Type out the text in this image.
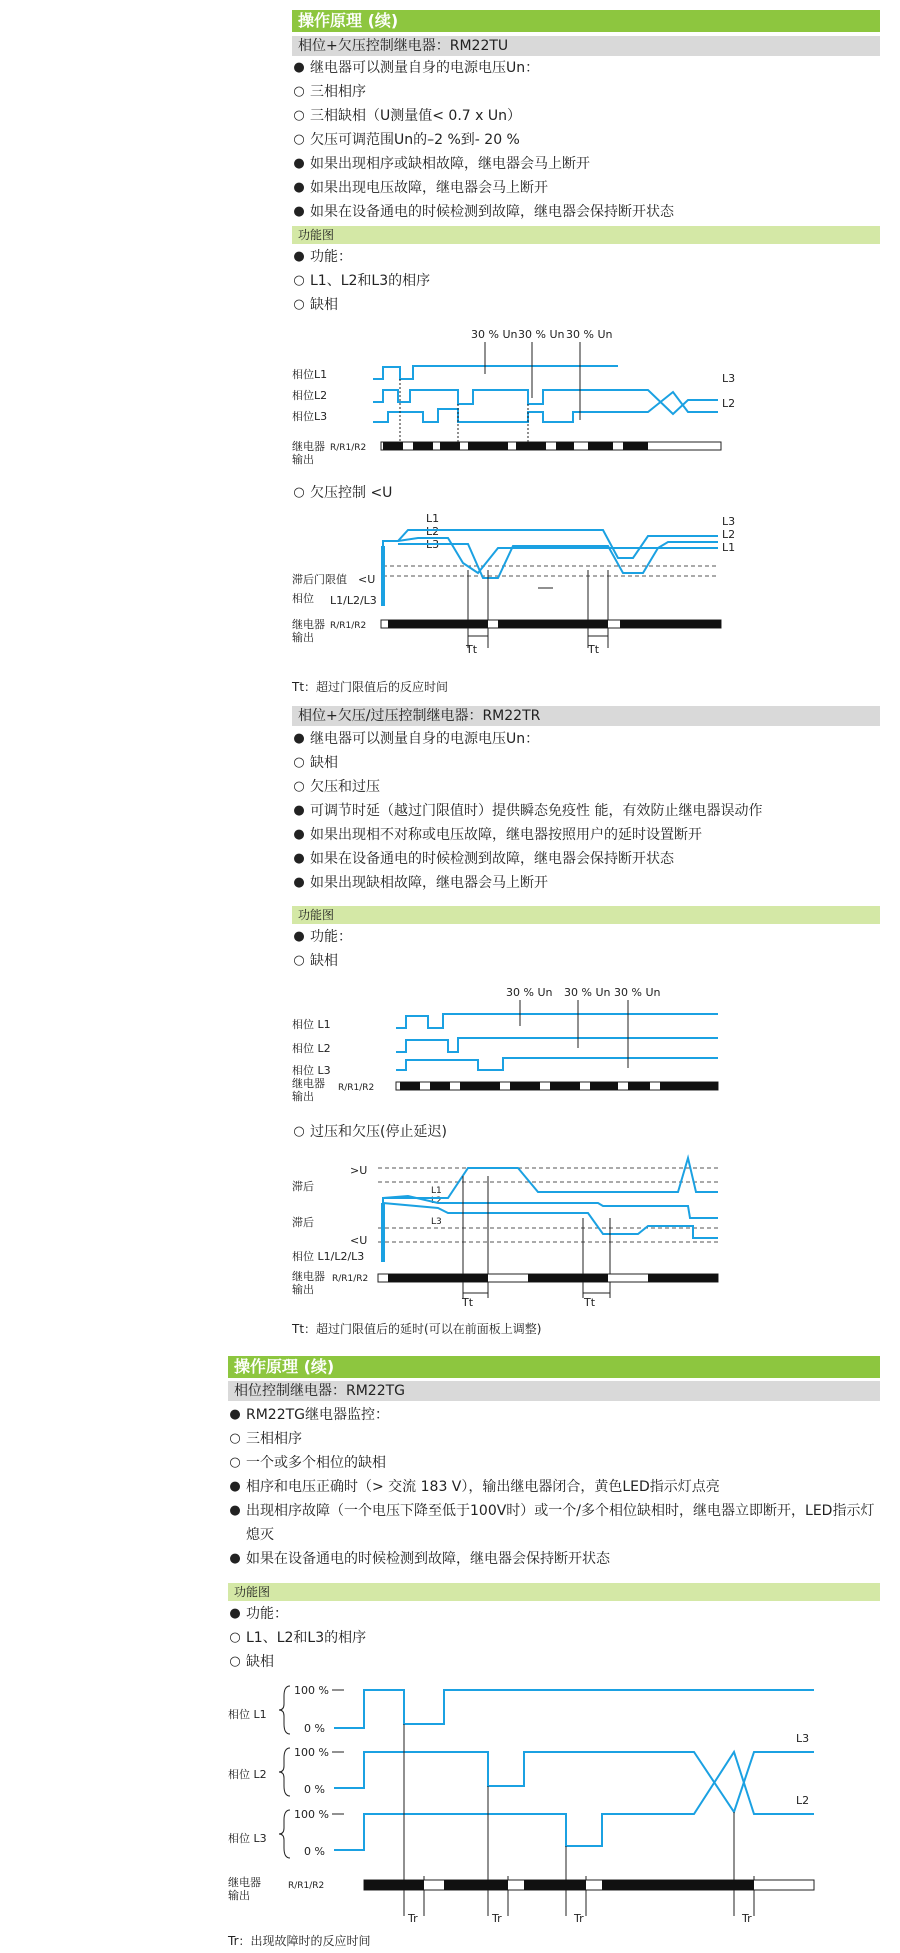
操作原理 (续)
相位+欠压控制继电器：RM22TU
● 继电器可以测量自身的电源电压Un：
○ 三相相序
○ 三相缺相（U测量值< 0.7 x Un）
○ 欠压可调范围Un的–2 %到- 20 %
● 如果出现相序或缺相故障，继电器会马上断开
● 如果出现电压故障，继电器会马上断开
● 如果在设备通电的时候检测到故障，继电器会保持断开状态
功能图
● 功能：
○ L1、L2和L3的相序
○ 缺相
30 % Un 30 % Un 30 % Un
相位L1
相位L2
相位L3
继电器
输出
R/R1/R2
L3
L2
○ 欠压控制 <U
L1
L2
L3
L3
L2
L1
滞后门限值 <U
相位 L1/L2/L3
继电器
输出
R/R1/R2
Tt	Tt
Tt：超过门限值后的反应时间
相位+欠压/过压控制继电器：RM22TR
● 继电器可以测量自身的电源电压Un：
○ 缺相
○ 欠压和过压
● 可调节时延（越过门限值时）提供瞬态免疫性 能，有效防止继电器误动作
● 如果出现相不对称或电压故障，继电器按照用户的延时设置断开
● 如果在设备通电的时候检测到故障，继电器会保持断开状态
● 如果出现缺相故障，继电器会马上断开
功能图
● 功能：
○ 缺相
30 % Un 30 % Un 30 % Un
相位 L1
相位 L2
相位 L3
继电器
输出
R/R1/R2
○ 过压和欠压(停止延迟)
>U
滞后
滞后
<U
L1
L2
L3
相位 L1/L2/L3
继电器
输出
R/R1/R2
Tt	Tt
Tt：超过门限值后的延时(可以在前面板上调整)
操作原理 (续)
相位控制继电器：RM22TG
● RM22TG继电器监控：
○ 三相相序
○ 一个或多个相位的缺相
● 相序和电压正确时（> 交流 183 V），输出继电器闭合，黄色LED指示灯点亮
● 出现相序故障（一个电压下降至低于100V时）或一个/多个相位缺相时，继电器立即断开，LED指示灯熄灭
● 如果在设备通电的时候检测到故障，继电器会保持断开状态
功能图
● 功能：
○ L1、L2和L3的相序
○ 缺相
相位 L1
相位 L2
相位 L3
100 %
0 %
100 %
0 %
100 %
0 %
L3
L2
继电器
输出
R/R1/R2
Tr	Tr	Tr	Tr
Tr：出现故障时的反应时间
